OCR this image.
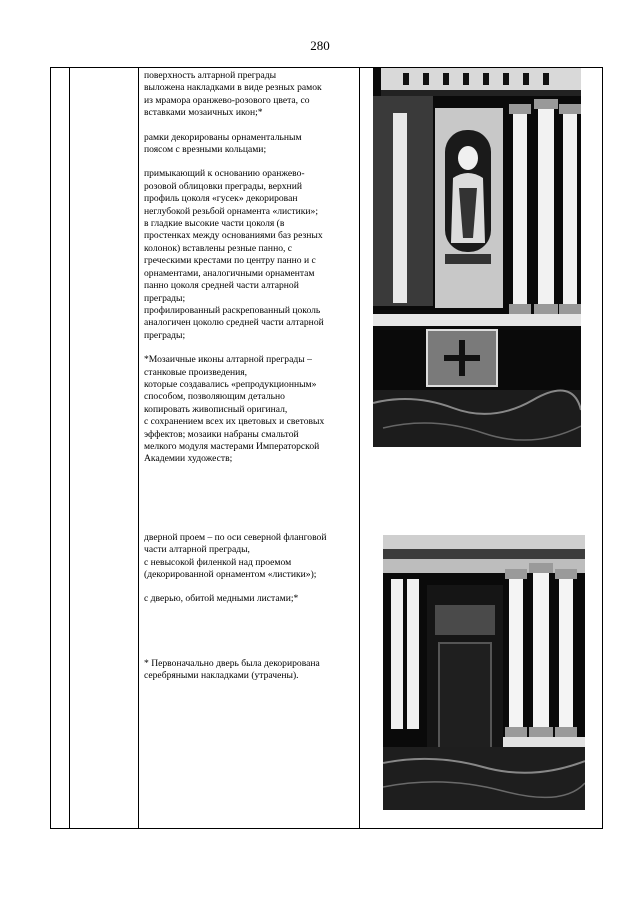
280

поверхность алтарной преграды
выложена накладками в виде резных рамок
из мрамора оранжево-розового цвета, со
вставками мозаичных икон;*

рамки декорированы орнаментальным
поясом с врезными кольцами;

примыкающий к основанию оранжево-
розовой облицовки преграды, верхний
профиль цоколя «гусек» декорирован
неглубокой резьбой орнамента «листики»;
в гладкие высокие части цоколя (в
простенках между основаниями баз резных
колонок) вставлены резные панно, с
греческими крестами по центру панно и с
орнаментами, аналогичными орнаментам
панно цоколя средней части алтарной
преграды;
профилированный раскрепованный цоколь
аналогичен цоколю средней части алтарной
преграды;

*Мозаичные иконы алтарной преграды –
станковые произведения,
которые создавались «репродукционным»
способом, позволяющим детально
копировать живописный оригинал,
с сохранением всех их цветовых и световых
эффектов; мозаики набраны смальтой
мелкого модуля мастерами Императорской
Академии художеств;

дверной проем – по оси северной фланговой
части алтарной преграды,
с невысокой филенкой над проемом
(декорированной орнаментом «листики»);

с дверью, обитой медными листами;*

* Первоначально дверь была декорирована
серебряными накладками (утрачены).
